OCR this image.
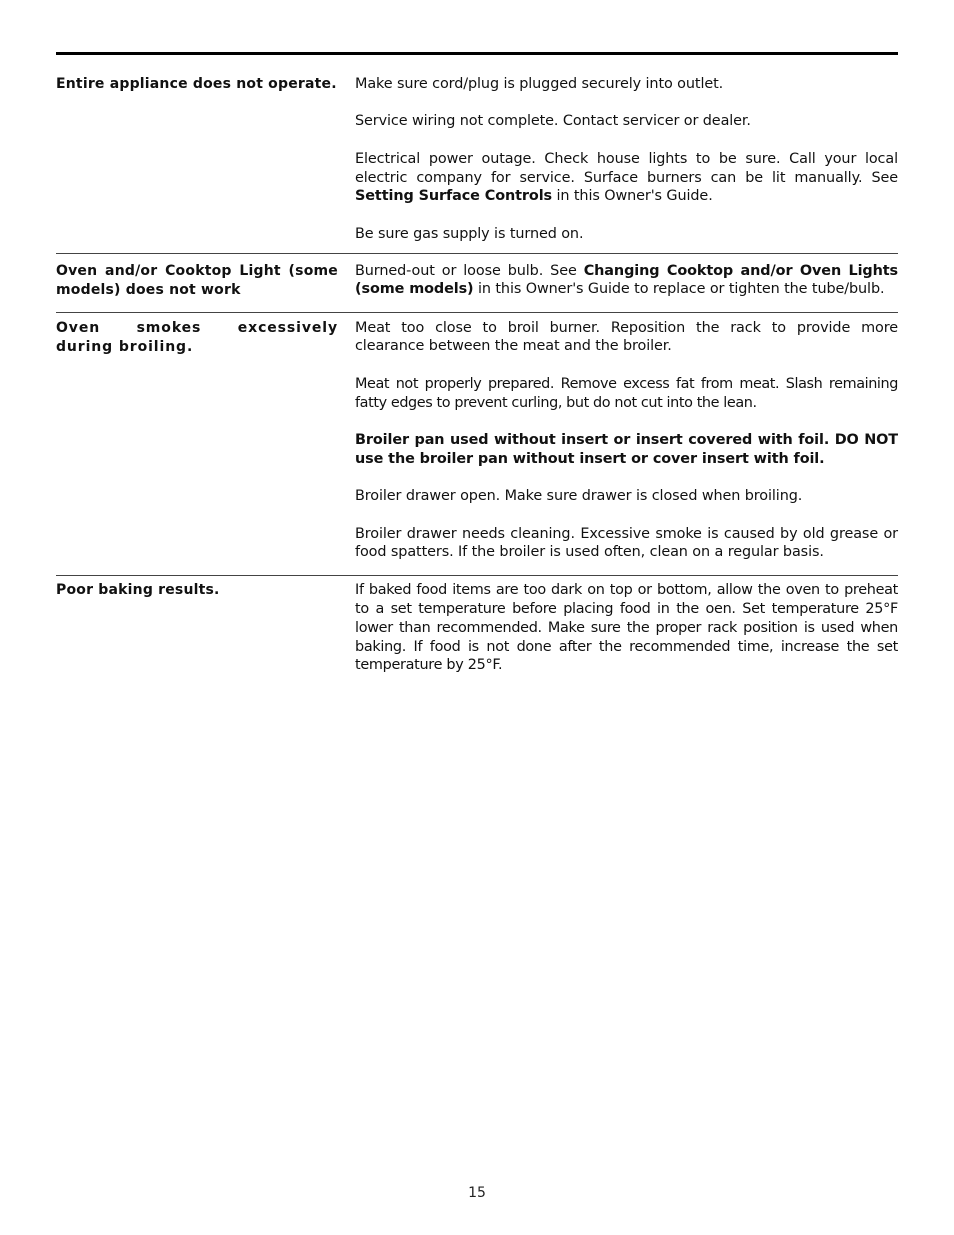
Entire appliance does not operate. Make sure cord/plug is plugged securely into outlet.

Service wiring not complete. Contact servicer or dealer.

Electrical power outage. Check house lights to be sure. Call your local electric company for service. Surface burners can be lit manually. See Setting Surface Controls in this Owner's Guide.

Be sure gas supply is turned on.

Oven and/or Cooktop Light (some models) does not work

Burned-out or loose bulb. See Changing Cooktop and/or Oven Lights (some models) in this Owner's Guide to replace or tighten the tube/bulb.

Oven smokes excessively during broiling.

Meat too close to broil burner. Reposition the rack to provide more clearance between the meat and the broiler.

Meat not properly prepared. Remove excess fat from meat. Slash remaining fatty edges to prevent curling, but do not cut into the lean.

Broiler pan used without insert or insert covered with foil. DO NOT use the broiler pan without insert or cover insert with foil.

Broiler drawer open. Make sure drawer is closed when broiling.

Broiler drawer needs cleaning. Excessive smoke is caused by old grease or food spatters. If the broiler is used often, clean on a regular basis.

Poor baking results.	If baked food items are too dark on top or bottom, allow the oven to preheat to a set temperature before placing food in the oen. Set temperature 25°F lower than recommended. Make sure the proper rack position is used when baking. If food is not done after the recommended time, increase the set temperature by 25°F.

15
